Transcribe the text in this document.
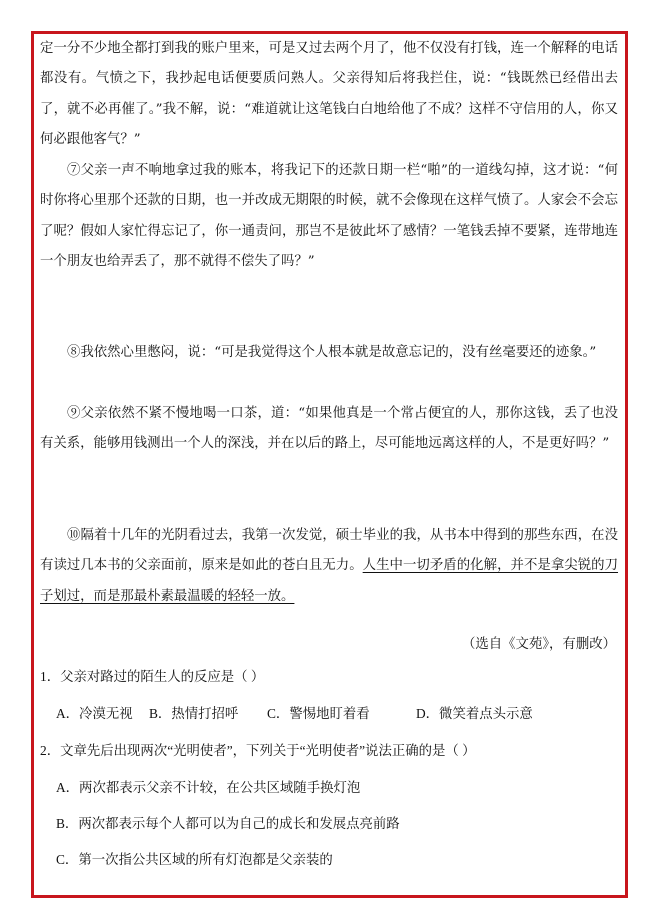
定一分不少地全都打到我的账户里来，可是又过去两个月了，他不仅没有打钱，连一个解释的电话都没有。气愤之下，我抄起电话便要质问熟人。父亲得知后将我拦住，说：“钱既然已经借出去了，就不必再催了。”我不解，说：“难道就让这笔钱白白地给他了不成？这样不守信用的人，你又何必跟他客气？”

⑦父亲一声不响地拿过我的账本，将我记下的还款日期一栏“啪”的一道线勾掉，这才说：“何时你将心里那个还款的日期，也一并改成无期限的时候，就不会像现在这样气愤了。人家会不会忘了呢？假如人家忙得忘记了，你一通责问，那岂不是彼此坏了感情？一笔钱丢掉不要紧，连带地连一个朋友也给弄丢了，那不就得不偿失了吗？”

⑧我依然心里憋闷，说：“可是我觉得这个人根本就是故意忘记的，没有丝毫要还的迹象。”

⑨父亲依然不紧不慢地喝一口茶，道：“如果他真是一个常占便宜的人，那你这钱，丢了也没有关系，能够用钱测出一个人的深浅，并在以后的路上，尽可能地远离这样的人，不是更好吗？”

⑩隔着十几年的光阴看过去，我第一次发觉，硕士毕业的我，从书本中得到的那些东西，在没有读过几本书的父亲面前，原来是如此的苍白且无力。人生中一切矛盾的化解，并不是拿尖锐的刀子划过，而是那最朴素最温暖的轻轻一放。

（选自《文苑》，有删改）
1．父亲对路过的陌生人的反应是（ ）
A．冷漠无视 B．热情打招呼 C．警惕地盯着看	D．微笑着点头示意
2．文章先后出现两次“光明使者”，下列关于“光明使者”说法正确的是（ ）
A．两次都表示父亲不计较，在公共区域随手换灯泡
B．两次都表示每个人都可以为自己的成长和发展点亮前路
C．第一次指公共区域的所有灯泡都是父亲装的
